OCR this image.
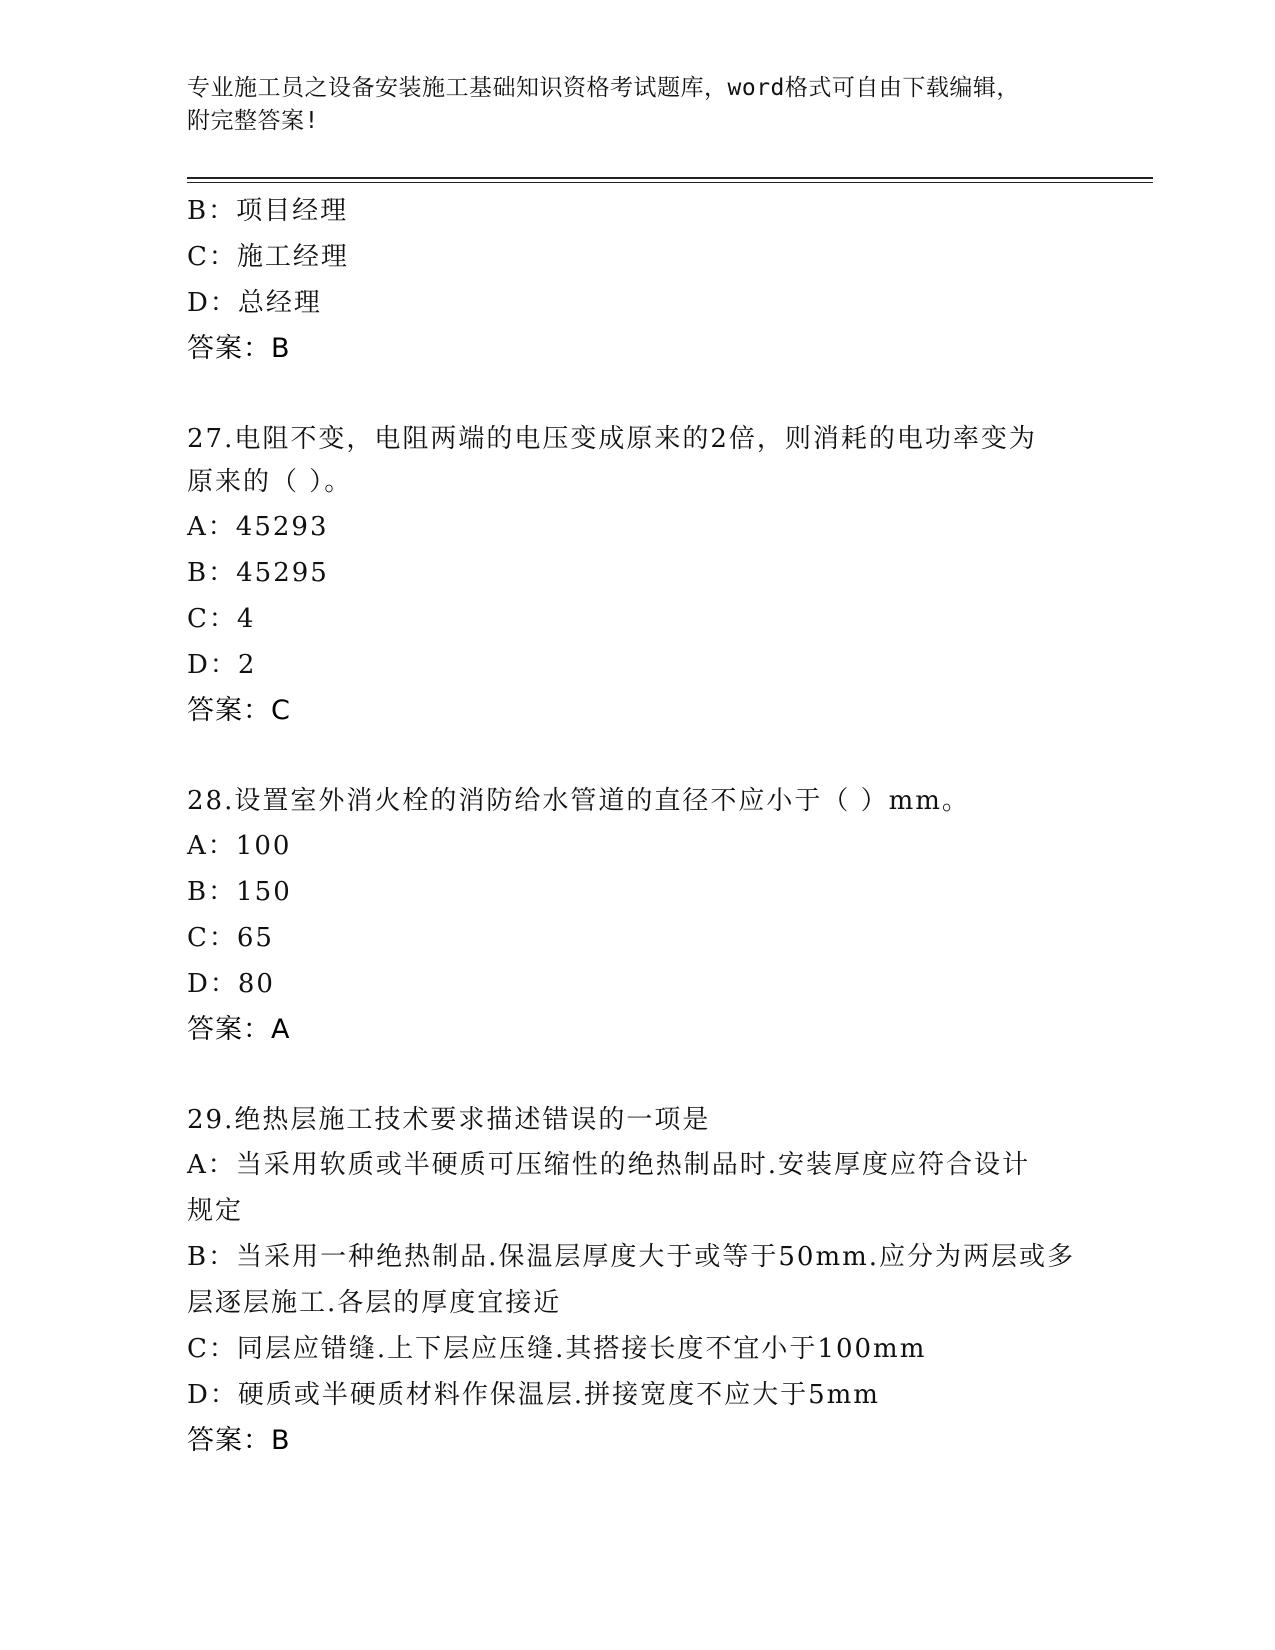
专业施工员之设备安装施工基础知识资格考试题库，word格式可自由下载编辑，
附完整答案!
B：项目经理
C：施工经理
D：总经理
答案：B
27.电阻不变，电阻两端的电压变成原来的2倍，则消耗的电功率变为
原来的（ ）。
A：45293
B：45295
C：4
D：2
答案：C
28.设置室外消火栓的消防给水管道的直径不应小于（ ）mm。
A：100
B：150
C：65
D：80
答案：A
29.绝热层施工技术要求描述错误的一项是
A：当采用软质或半硬质可压缩性的绝热制品时.安装厚度应符合设计
规定
B：当采用一种绝热制品.保温层厚度大于或等于50mm.应分为两层或多
层逐层施工.各层的厚度宜接近
C：同层应错缝.上下层应压缝.其搭接长度不宜小于100mm
D：硬质或半硬质材料作保温层.拼接宽度不应大于5mm
答案：B
